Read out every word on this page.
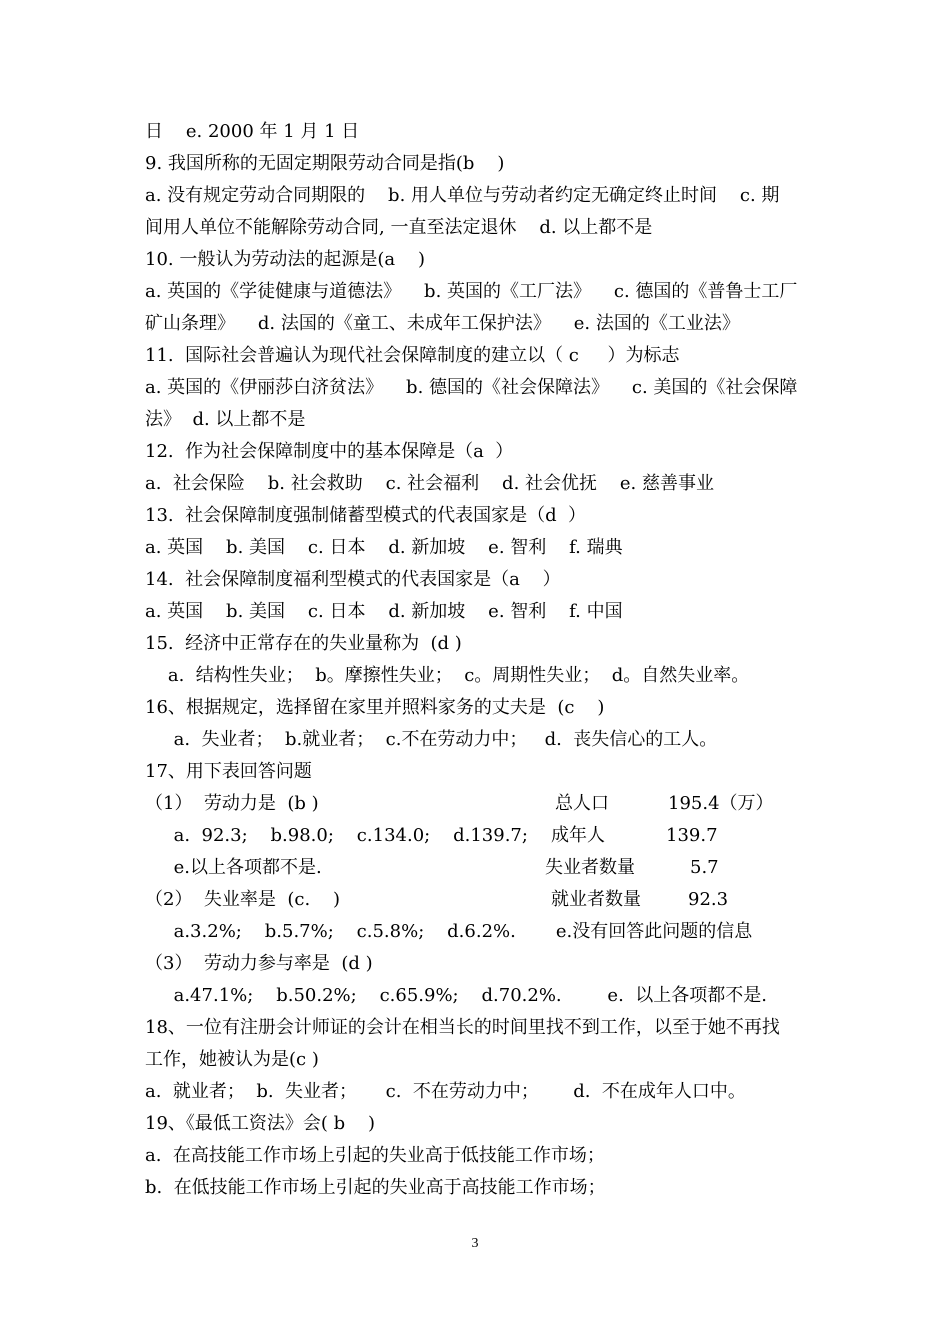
日    e. 2000 年 1 月 1 日
9. 我国所称的无固定期限劳动合同是指(b    )
a. 没有规定劳动合同期限的    b. 用人单位与劳动者约定无确定终止时间    c. 期
间用人单位不能解除劳动合同, 一直至法定退休    d. 以上都不是
10. 一般认为劳动法的起源是(a    )
a. 英国的《学徒健康与道德法》    b. 英国的《工厂法》    c. 德国的《普鲁士工厂
矿山条理》    d. 法国的《童工、未成年工保护法》    e. 法国的《工业法》
11.  国际社会普遍认为现代社会保障制度的建立以（ c     ）为标志
a. 英国的《伊丽莎白济贫法》    b. 德国的《社会保障法》    c. 美国的《社会保障
法》  d. 以上都不是
12.  作为社会保障制度中的基本保障是（a  ）
a.  社会保险    b. 社会救助    c. 社会福利    d. 社会优抚    e. 慈善事业
13.  社会保障制度强制储蓄型模式的代表国家是（d  ）
a. 英国    b. 美国    c. 日本    d. 新加坡    e. 智利    f. 瑞典
14.  社会保障制度福利型模式的代表国家是（a    ）
a. 英国    b. 美国    c. 日本    d. 新加坡    e. 智利    f. 中国
15.  经济中正常存在的失业量称为  (d )
a.  结构性失业；  b。摩擦性失业；  c。周期性失业；  d。自然失业率。
16、根据规定，选择留在家里并照料家务的丈夫是  (c    )
a.  失业者；  b.就业者；  c.不在劳动力中；   d.  丧失信心的工人。
17、用下表回答问题
（1）  劳动力是  (b )
a.  92.3;    b.98.0;    c.134.0;    d.139.7;
e.以上各项都不是.
（2）  失业率是  (c.    )
a.3.2%;    b.5.7%;    c.5.8%;    d.6.2%.       e.没有回答此问题的信息
（3）  劳动力参与率是  (d )
a.47.1%;    b.50.2%;    c.65.9%;    d.70.2%.        e.  以上各项都不是.
18、一位有注册会计师证的会计在相当长的时间里找不到工作，以至于她不再找
工作，她被认为是(c )
a.  就业者；  b.  失业者；     c.  不在劳动力中；      d.  不在成年人口中。
19、《最低工资法》会( b    )
a.  在高技能工作市场上引起的失业高于低技能工作市场；
b.  在低技能工作市场上引起的失业高于高技能工作市场；
总人口	195.4（万）
成年人	139.7
失业者数量	5.7
就业者数量	92.3
3
